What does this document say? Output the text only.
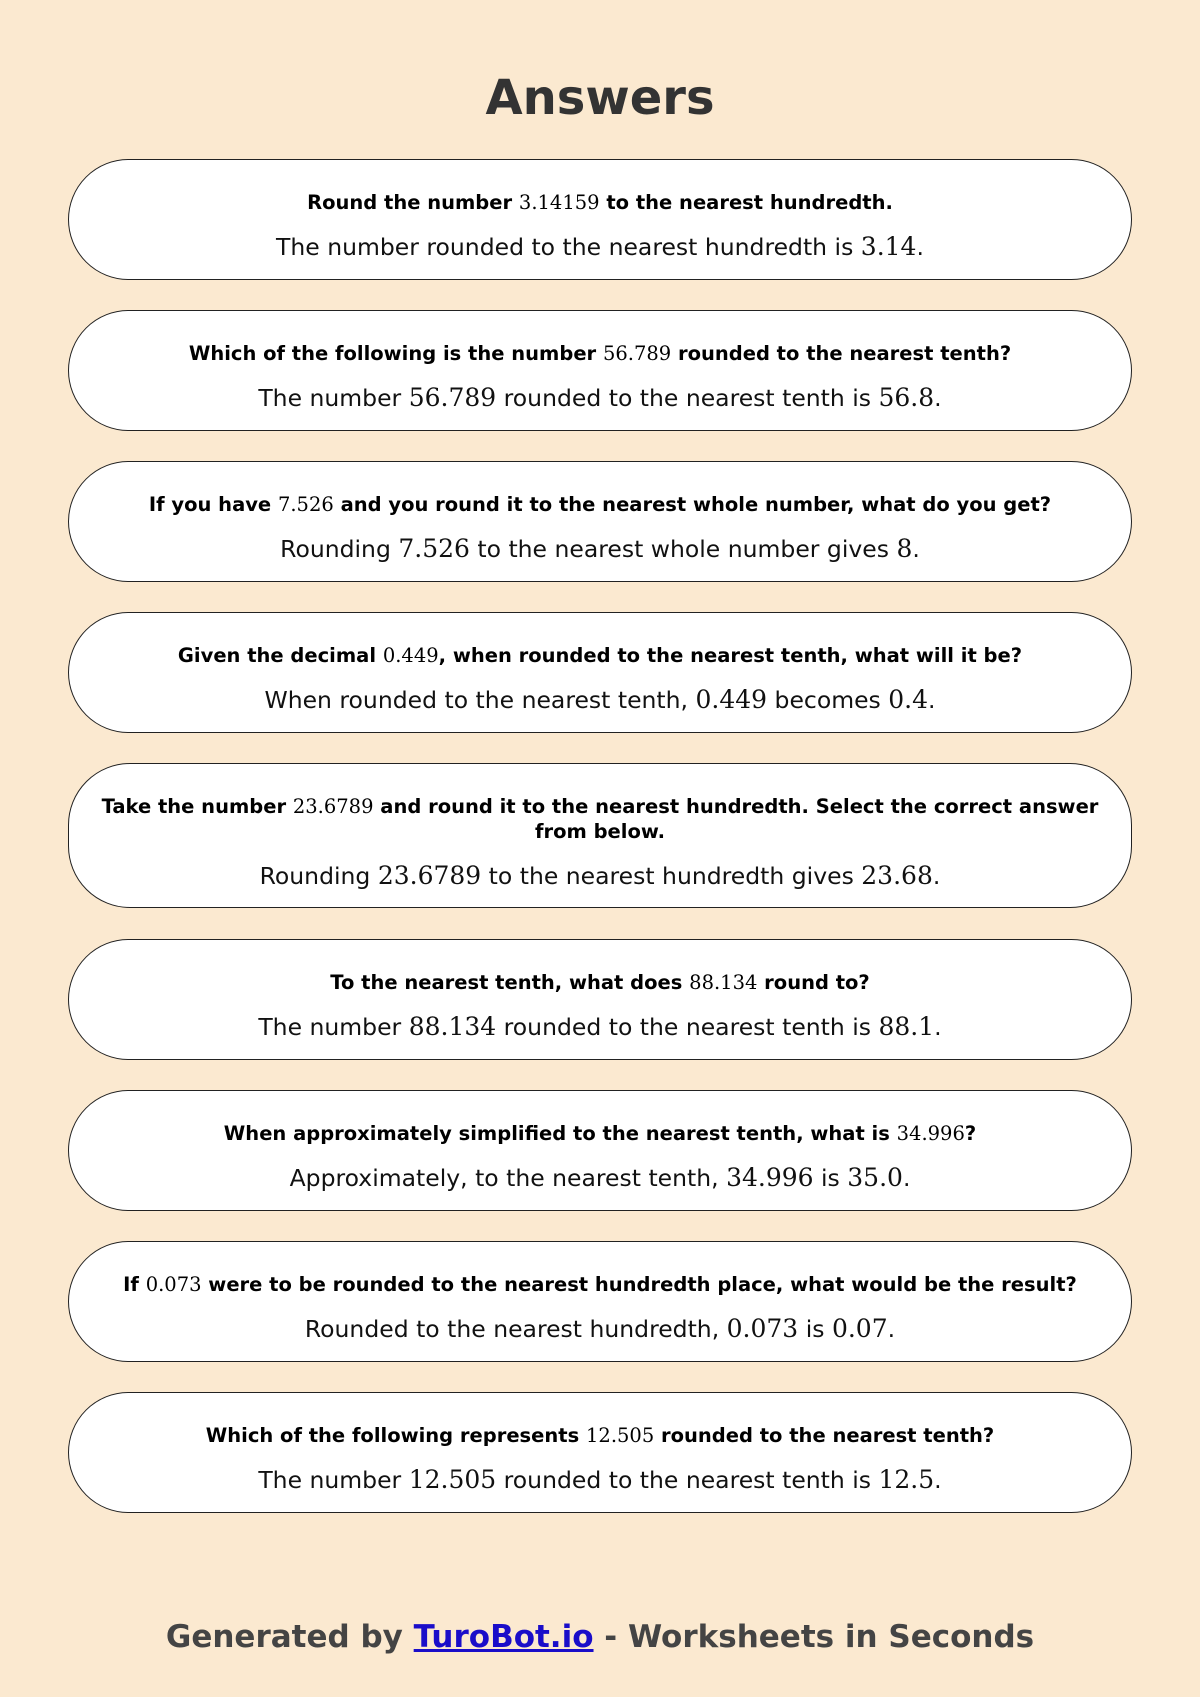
Answers
Round the number 3.14159 to the nearest hundredth.
The number rounded to the nearest hundredth is 3.14.
Which of the following is the number 56.789 rounded to the nearest tenth?
The number 56.789 rounded to the nearest tenth is 56.8.
If you have 7.526 and you round it to the nearest whole number, what do you get?
Rounding 7.526 to the nearest whole number gives 8.
Given the decimal 0.449, when rounded to the nearest tenth, what will it be?
When rounded to the nearest tenth, 0.449 becomes 0.4.
Take the number 23.6789 and round it to the nearest hundredth. Select the correct answer from below.
Rounding 23.6789 to the nearest hundredth gives 23.68.
To the nearest tenth, what does 88.134 round to?
The number 88.134 rounded to the nearest tenth is 88.1.
When approximately simplified to the nearest tenth, what is 34.996?
Approximately, to the nearest tenth, 34.996 is 35.0.
If 0.073 were to be rounded to the nearest hundredth place, what would be the result?
Rounded to the nearest hundredth, 0.073 is 0.07.
Which of the following represents 12.505 rounded to the nearest tenth?
The number 12.505 rounded to the nearest tenth is 12.5.
Generated by TuroBot.io - Worksheets in Seconds
